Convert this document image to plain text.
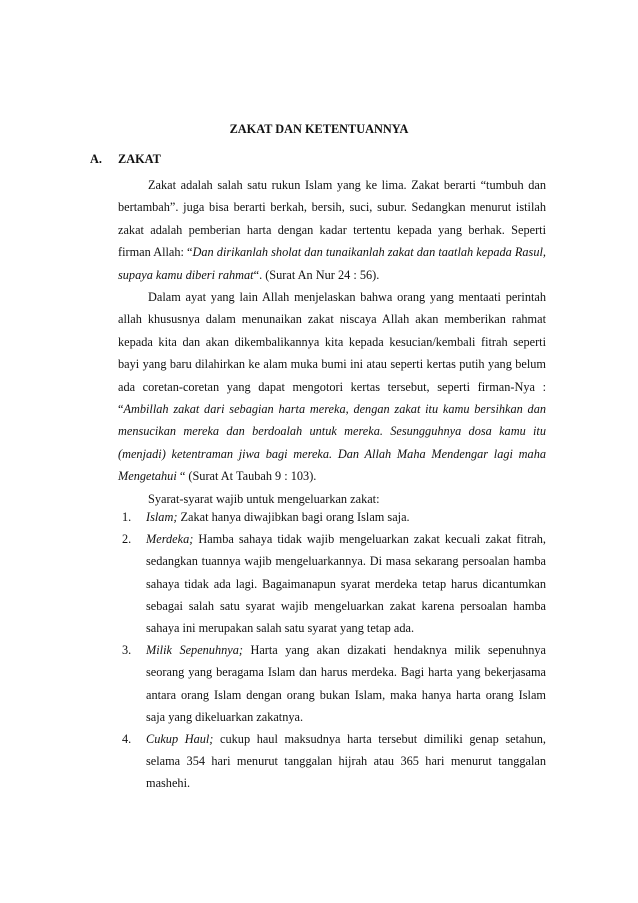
ZAKAT DAN KETENTUANNYA
A. ZAKAT

Zakat adalah salah satu rukun Islam yang ke lima. Zakat berarti “tumbuh dan bertambah”. juga bisa berarti berkah, bersih, suci, subur. Sedangkan menurut istilah zakat adalah pemberian harta dengan kadar tertentu kepada yang berhak. Seperti firman Allah: “Dan dirikanlah sholat dan tunaikanlah zakat dan taatlah kepada Rasul, supaya kamu diberi rahmat“. (Surat An Nur 24 : 56).

Dalam ayat yang lain Allah menjelaskan bahwa orang yang mentaati perintah allah khususnya dalam menunaikan zakat niscaya Allah akan memberikan rahmat kepada kita dan akan dikembalikannya kita kepada kesucian/kembali fitrah seperti bayi yang baru dilahirkan ke alam muka bumi ini atau seperti kertas putih yang belum ada coretan-coretan yang dapat mengotori kertas tersebut, seperti firman-Nya : “Ambillah zakat dari sebagian harta mereka, dengan zakat itu kamu bersihkan dan mensucikan mereka dan berdoalah untuk mereka. Sesungguhnya dosa kamu itu (menjadi) ketentraman jiwa bagi mereka. Dan Allah Maha Mendengar lagi maha Mengetahui “ (Surat At Taubah 9 : 103).

Syarat-syarat wajib untuk mengeluarkan zakat:

1. Islam; Zakat hanya diwajibkan bagi orang Islam saja.
2. Merdeka; Hamba sahaya tidak wajib mengeluarkan zakat kecuali zakat fitrah, sedangkan tuannya wajib mengeluarkannya. Di masa sekarang persoalan hamba sahaya tidak ada lagi. Bagaimanapun syarat merdeka tetap harus dicantumkan sebagai salah satu syarat wajib mengeluarkan zakat karena persoalan hamba sahaya ini merupakan salah satu syarat yang tetap ada.
3. Milik Sepenuhnya; Harta yang akan dizakati hendaknya milik sepenuhnya seorang yang beragama Islam dan harus merdeka. Bagi harta yang bekerjasama antara orang Islam dengan orang bukan Islam, maka hanya harta orang Islam saja yang dikeluarkan zakatnya.
4. Cukup Haul; cukup haul maksudnya harta tersebut dimiliki genap setahun, selama 354 hari menurut tanggalan hijrah atau 365 hari menurut tanggalan mashehi.
